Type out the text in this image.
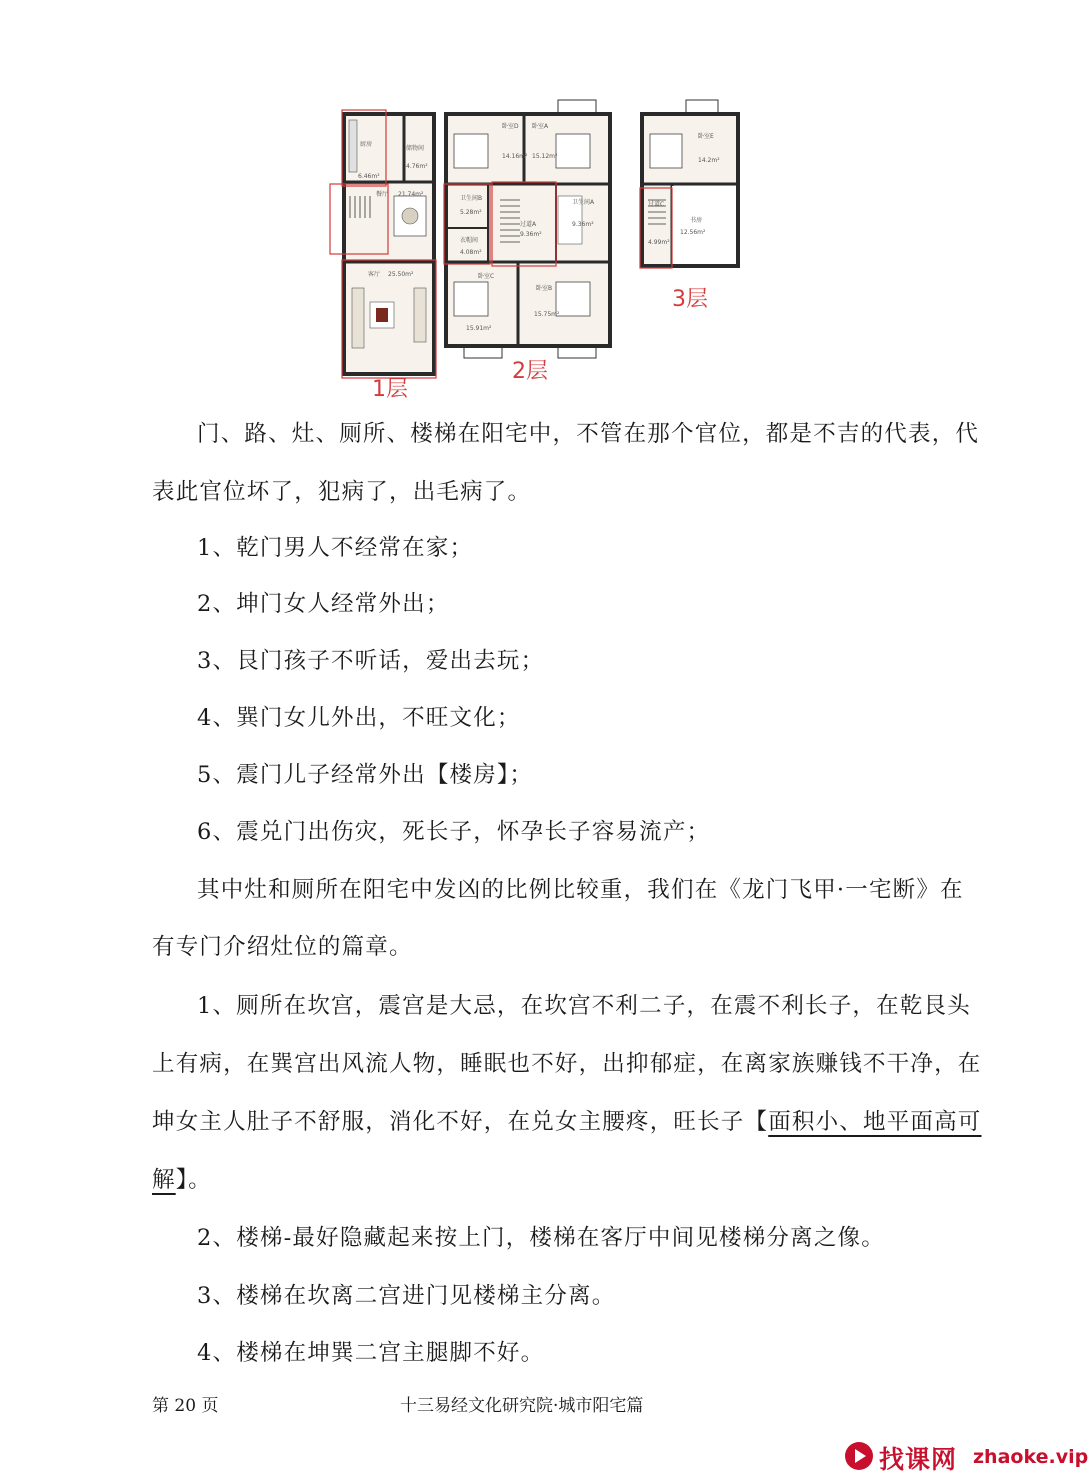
厨房
6.46m²
储物间
4.76m²
餐厅 21.74m²
客厅 25.50m²
1层
卧室D
14.16m²
卧室A
15.12m²
卫生间B
5.28m²
过道A
9.36m²
卫生间A
9.36m²
衣帽间
4.08m²
卧室C
15.91m²
卧室B
15.75m²
2层
卧室E
14.2m²
过道C
4.99m²
书房
12.56m²
3层
门、路、灶、厕所、楼梯在阳宅中，不管在那个官位，都是不吉的代表，代
表此官位坏了，犯病了，出毛病了。
1、乾门男人不经常在家；
2、坤门女人经常外出；
3、艮门孩子不听话，爱出去玩；
4、巽门女儿外出，不旺文化；
5、震门儿子经常外出【楼房】；
6、震兑门出伤灾，死长子，怀孕长子容易流产；
其中灶和厕所在阳宅中发凶的比例比较重，我们在《龙门飞甲·一宅断》在
有专门介绍灶位的篇章。
1、厕所在坎宫，震宫是大忌，在坎宫不利二子，在震不利长子，在乾艮头
上有病，在巽宫出风流人物，睡眠也不好，出抑郁症，在离家族赚钱不干净，在
坤女主人肚子不舒服，消化不好，在兑女主腰疼，旺长子【面积小、地平面高可
解】。
2、楼梯-最好隐藏起来按上门，楼梯在客厅中间见楼梯分离之像。
3、楼梯在坎离二宫进门见楼梯主分离。
4、楼梯在坤巽二宫主腿脚不好。
第 20 页	十三易经文化研究院·城市阳宅篇
找课网 zhaoke.vip
